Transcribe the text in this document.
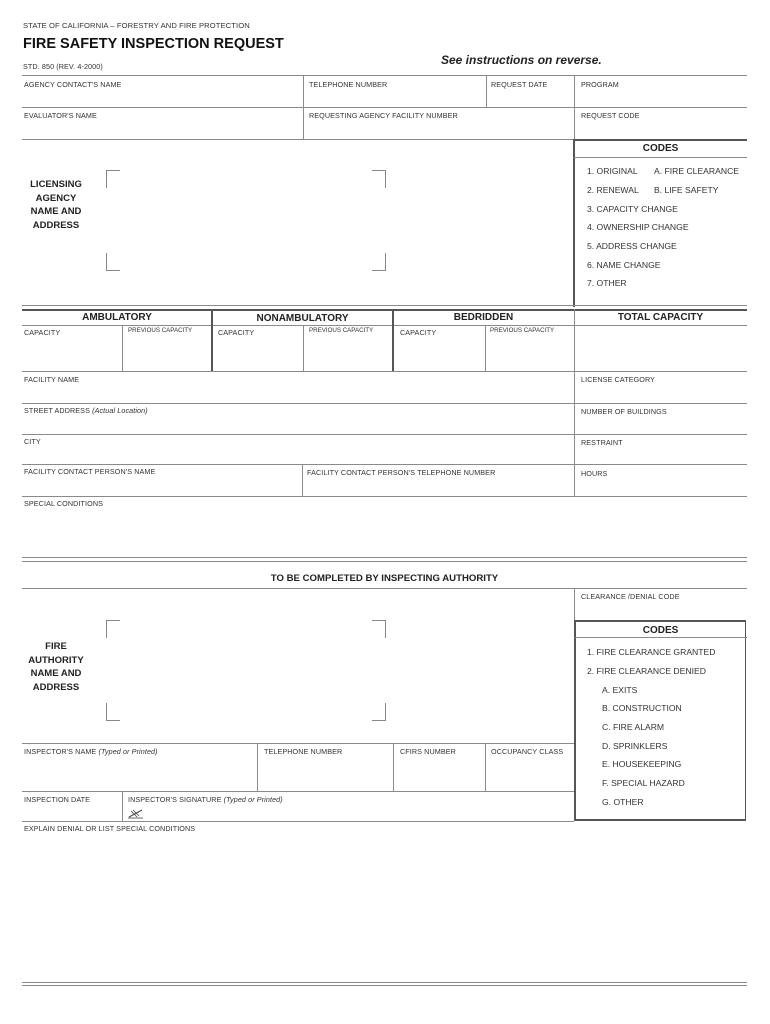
STATE OF CALIFORNIA – FORESTRY AND FIRE PROTECTION
FIRE SAFETY INSPECTION REQUEST
STD. 850 (REV. 4-2000)	See instructions on reverse.
AGENCY CONTACT'S NAME	TELEPHONE NUMBER	REQUEST DATE	PROGRAM
EVALUATOR'S NAME	REQUESTING AGENCY FACILITY NUMBER	REQUEST CODE
LICENSING
AGENCY
NAME AND
ADDRESS
CODES
1. ORIGINAL
2. RENEWAL
3. CAPACITY CHANGE
4. OWNERSHIP CHANGE
5. ADDRESS CHANGE
6. NAME CHANGE
7. OTHER
A. FIRE CLEARANCE
B. LIFE SAFETY
AMBULATORY	NONAMBULATORY	BEDRIDDEN	TOTAL CAPACITY
CAPACITY	PREVIOUS CAPACITY	CAPACITY	PREVIOUS CAPACITY	CAPACITY	PREVIOUS CAPACITY
FACILITY NAME	LICENSE CATEGORY
STREET ADDRESS (Actual Location)	NUMBER OF BUILDINGS
CITY	RESTRAINT
FACILITY CONTACT PERSON'S NAME	FACILITY CONTACT PERSON'S TELEPHONE NUMBER	HOURS
SPECIAL CONDITIONS
TO BE COMPLETED BY INSPECTING AUTHORITY
CLEARANCE /DENIAL CODE
FIRE
AUTHORITY
NAME AND
ADDRESS
CODES
1. FIRE CLEARANCE GRANTED
2. FIRE CLEARANCE DENIED
A. EXITS
B. CONSTRUCTION
C. FIRE ALARM
D. SPRINKLERS
E. HOUSEKEEPING
F. SPECIAL HAZARD
G. OTHER
INSPECTOR'S NAME (Typed or Printed)	TELEPHONE NUMBER	CFIRS NUMBER	OCCUPANCY CLASS
INSPECTION DATE	INSPECTOR'S SIGNATURE (Typed or Printed)
EXPLAIN DENIAL OR LIST SPECIAL CONDITIONS
